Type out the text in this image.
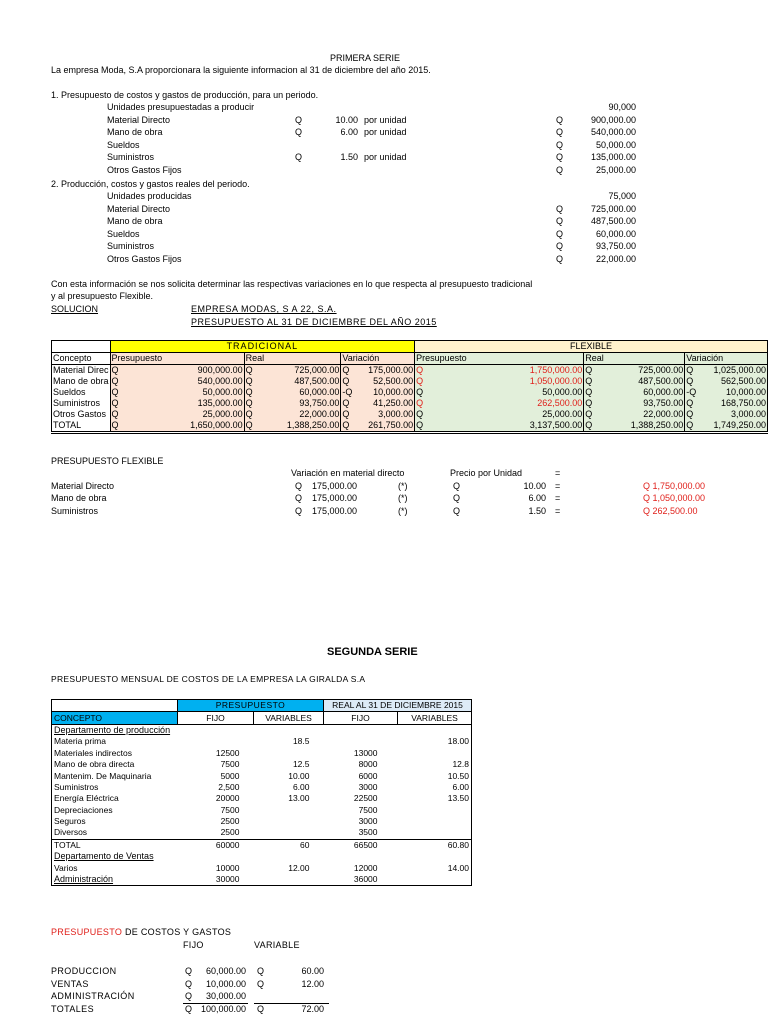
PRIMERA SERIE
La empresa Moda, S.A proporcionara la siguiente informacion al 31 de diciembre del año 2015.
1. Presupuesto de costos y gastos de producción, para un periodo.
Unidades presupuestadas a producir	90,000
Material Directo	Q	10.00 por unidad	Q	900,000.00
Mano de obra	Q	6.00 por unidad	Q	540,000.00
Sueldos	Q	50,000.00
Suministros	Q	1.50 por unidad	Q	135,000.00
Otros Gastos Fijos	Q	25,000.00
2. Producción, costos y gastos reales del periodo.
Unidades producidas	75,000
Material Directo	Q	725,000.00
Mano de obra	Q	487,500.00
Sueldos	Q	60,000.00
Suministros	Q	93,750.00
Otros Gastos Fijos	Q	22,000.00
Con esta información se nos solicita determinar las respectivas variaciones en lo que respecta al presupuesto tradicional
y al presupuesto Flexible.
SOLUCION	EMPRESA MODAS, S A 22, S.A.
PRESUPUESTO AL 31 DE DICIEMBRE DEL AÑO 2015
	TRADICIONAL						FLEXIBLE					
Concepto	Presupuesto		Real		Variación		Presupuesto		Real		Variación	
Material Direc	Q	900,000.00	Q	725,000.00	Q	175,000.00	Q	1,750,000.00	Q	725,000.00	Q	1,025,000.00
Mano de obra	Q	540,000.00	Q	487,500.00	Q	52,500.00	Q	1,050,000.00	Q	487,500.00	Q	562,500.00
Sueldos	Q	50,000.00	Q	60,000.00	-Q	10,000.00	Q	50,000.00	Q	60,000.00	-Q	10,000.00
Suministros	Q	135,000.00	Q	93,750.00	Q	41,250.00	Q	262,500.00	Q	93,750.00	Q	168,750.00
Otros Gastos	Q	25,000.00	Q	22,000.00	Q	3,000.00	Q	25,000.00	Q	22,000.00	Q	3,000.00
TOTAL	Q	1,650,000.00	Q	1,388,250.00	Q	261,750.00	Q	3,137,500.00	Q	1,388,250.00	Q	1,749,250.00
PRESUPUESTO FLEXIBLE
Variación en material directo	Precio por Unidad	=
Material Directo	Q	175,000.00	(*)	Q	10.00 =	Q 1,750,000.00
Mano de obra	Q	175,000.00	(*)	Q	6.00 =	Q 1,050,000.00
Suministros	Q	175,000.00	(*)	Q	1.50 =	Q 262,500.00
SEGUNDA SERIE
PRESUPUESTO MENSUAL DE COSTOS DE LA EMPRESA LA GIRALDA S.A
	PRESUPUESTO		REAL AL 31 DE DICIEMBRE 2015	
CONCEPTO	FIJO	VARIABLES	FIJO	VARIABLES
Departamento de producción				
Materia prima		18.5		18.00
Materiales indirectos	12500		13000	
Mano de obra directa	7500	12.5	8000	12.8
Mantenim. De Maquinaria	5000	10.00	6000	10.50
Suministros	2,500	6.00	3000	6.00
Energía Eléctrica	20000	13.00	22500	13.50
Depreciaciones	7500		7500	
Seguros	2500		3000	
Diversos	2500		3500	
TOTAL	60000	60	66500	60.80
Departamento de Ventas				
Varios	10000	12.00	12000	14.00
Administración	30000		36000	
PRESUPUESTO DE COSTOS Y GASTOS
FIJO	VARIABLE
PRODUCCION	Q	60,000.00 Q	60.00
VENTAS	Q	10,000.00 Q	12.00
ADMINISTRACIÓN	Q	30,000.00
TOTALES	Q 100,000.00 Q	72.00
